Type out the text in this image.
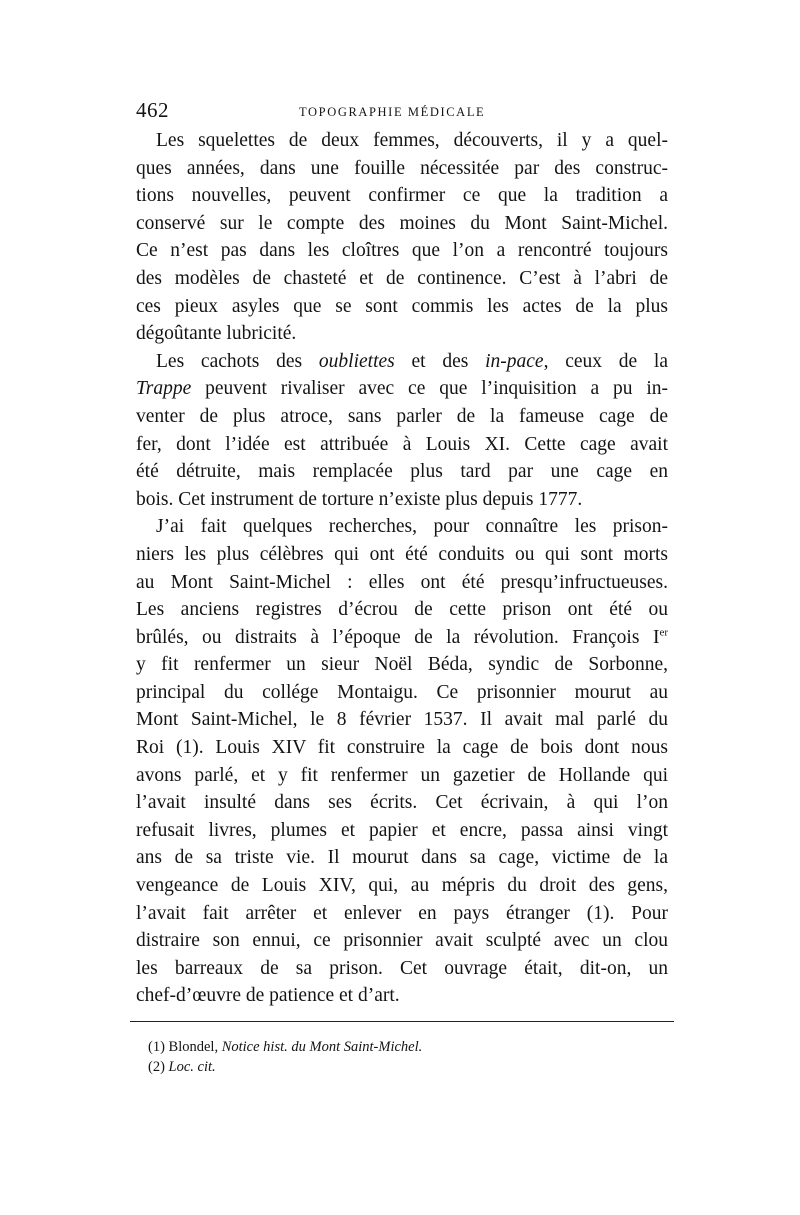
462	TOPOGRAPHIE MÉDICALE
Les squelettes de deux femmes, découverts, il y a quel-
ques années, dans une fouille nécessitée par des construc-
tions nouvelles, peuvent confirmer ce que la tradition a
conservé sur le compte des moines du Mont Saint-Michel.
Ce n’est pas dans les cloîtres que l’on a rencontré toujours
des modèles de chasteté et de continence. C’est à l’abri de
ces pieux asyles que se sont commis les actes de la plus
dégoûtante lubricité.
Les cachots des oubliettes et des in-pace, ceux de la
Trappe peuvent rivaliser avec ce que l’inquisition a pu in-
venter de plus atroce, sans parler de la fameuse cage de
fer, dont l’idée est attribuée à Louis XI. Cette cage avait
été détruite, mais remplacée plus tard par une cage en
bois. Cet instrument de torture n’existe plus depuis 1777.
J’ai fait quelques recherches, pour connaître les prison-
niers les plus célèbres qui ont été conduits ou qui sont morts
au Mont Saint-Michel : elles ont été presqu’infructueuses.
Les anciens registres d’écrou de cette prison ont été ou
brûlés, ou distraits à l’époque de la révolution. François Ier
y fit renfermer un sieur Noël Béda, syndic de Sorbonne,
principal du collége Montaigu. Ce prisonnier mourut au
Mont Saint-Michel, le 8 février 1537. Il avait mal parlé du
Roi (1). Louis XIV fit construire la cage de bois dont nous
avons parlé, et y fit renfermer un gazetier de Hollande qui
l’avait insulté dans ses écrits. Cet écrivain, à qui l’on
refusait livres, plumes et papier et encre, passa ainsi vingt
ans de sa triste vie. Il mourut dans sa cage, victime de la
vengeance de Louis XIV, qui, au mépris du droit des gens,
l’avait fait arrêter et enlever en pays étranger (1). Pour
distraire son ennui, ce prisonnier avait sculpté avec un clou
les barreaux de sa prison. Cet ouvrage était, dit-on, un
chef-d’œuvre de patience et d’art.
(1) Blondel, Notice hist. du Mont Saint-Michel.
(2) Loc. cit.
